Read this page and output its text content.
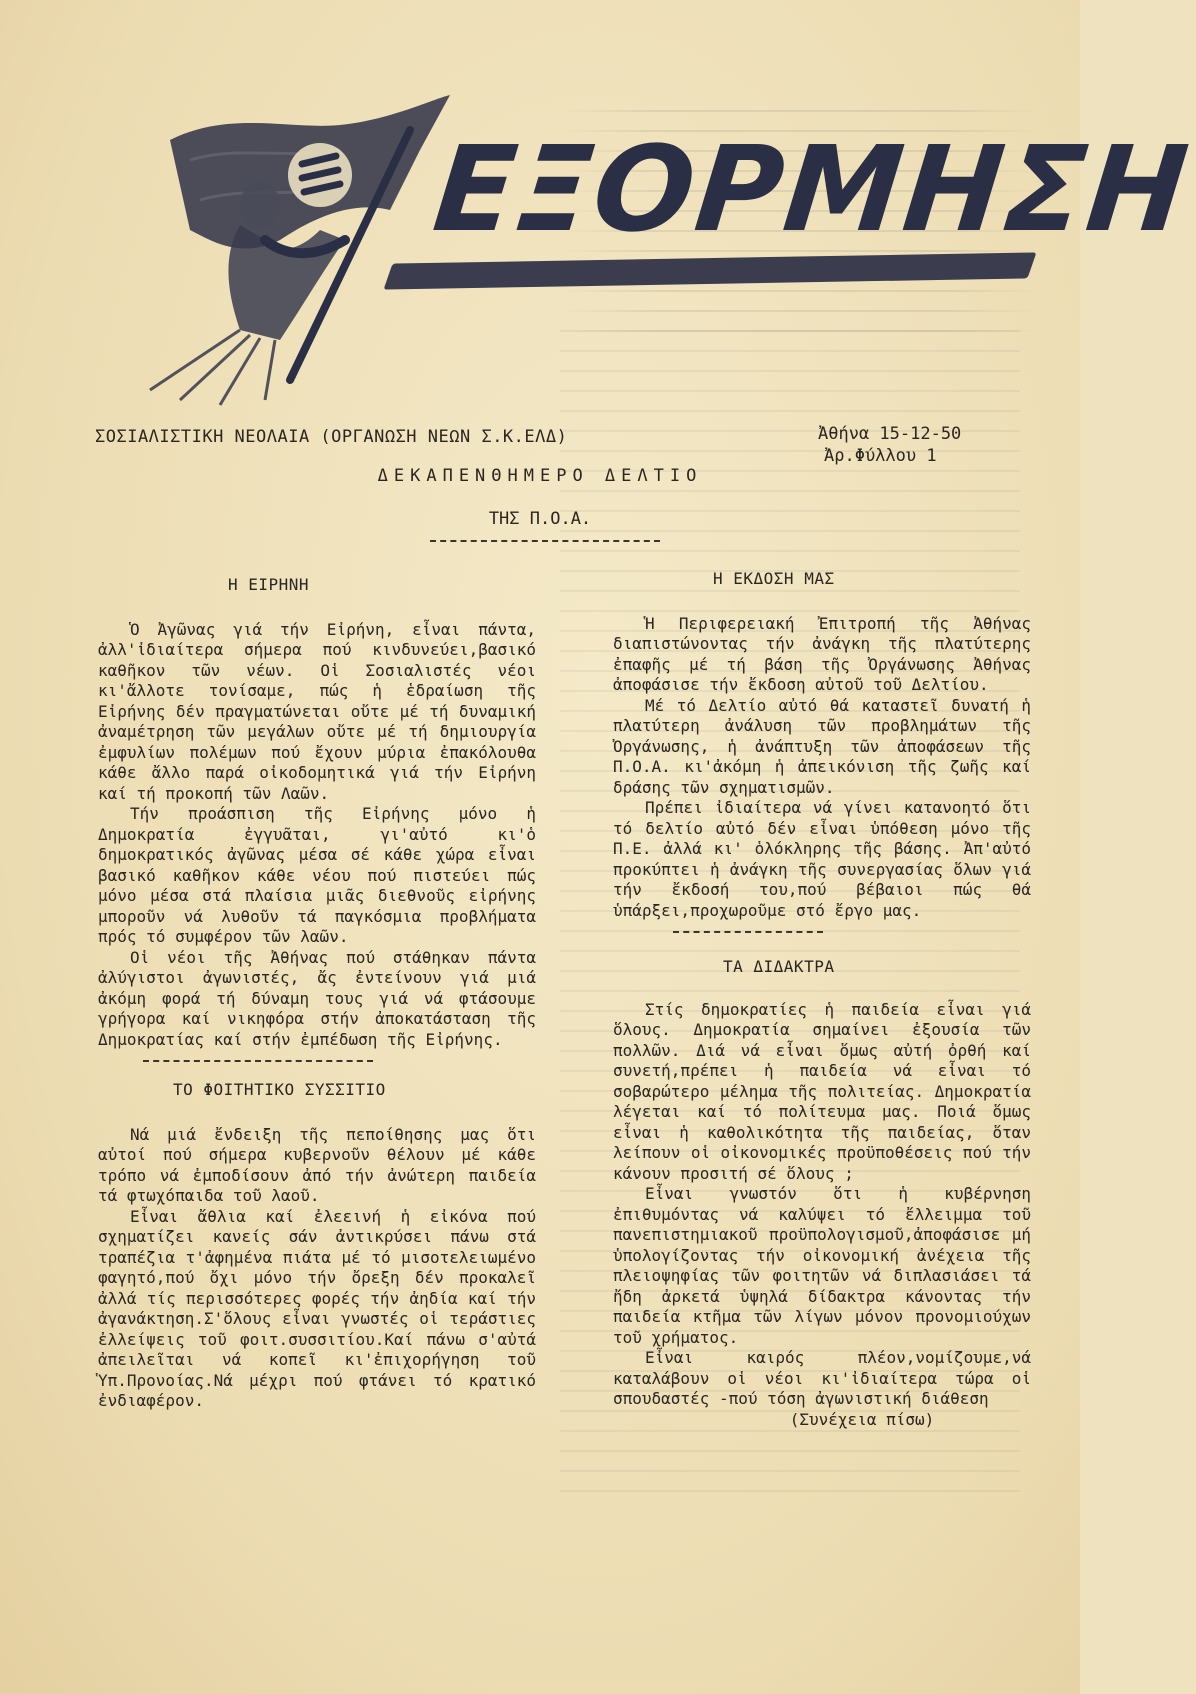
ΕΞΟΡΜΗΣΗ
ΣΟΣΙΑΛΙΣΤΙΚΗ ΝΕΟΛΑΙΑ (ΟΡΓΑΝΩΣΗ ΝΕΩΝ Σ.Κ.ΕΛΔ)	Ἀθήνα 15-12-50
Ἀρ.Φύλλου 1
ΔΕΚΑΠΕΝΘΗΜΕΡΟ ΔΕΛΤΙΟ
ΤΗΣ Π.Ο.Α.
Η ΕΙΡΗΝΗ

Ὁ Ἀγῶνας γιά τήν Εἰρήνη, εἶναι πάντα, ἀλλ'ἰδιαίτερα σήμερα πού κινδυνεύει,βασικό καθῆκον τῶν νέων. Οἱ Σοσιαλιστές νέοι κι'ἄλλοτε τονίσαμε, πώς ἡ ἑδραίωση τῆς Εἰρήνης δέν πραγματώνεται οὔτε μέ τή δυναμική ἀναμέτρηση τῶν μεγάλων οὔτε μέ τή δημιουργία ἐμφυλίων πολέμων πού ἔχουν μύρια ἐπακόλουθα κάθε ἄλλο παρά οἰκοδομητικά γιά τήν Εἰρήνη καί τή προκοπή τῶν Λαῶν.

Τήν προάσπιση τῆς Εἰρήνης μόνο ἡ Δημοκρατία ἐγγυᾶται, γι'αὐτό κι'ὁ δημοκρατικός ἀγῶνας μέσα σέ κάθε χώρα εἶναι βασικό καθῆκον κάθε νέου πού πιστεύει πώς μόνο μέσα στά πλαίσια μιᾶς διεθνοῦς εἰρήνης μποροῦν νά λυθοῦν τά παγκόσμια προβλήματα πρός τό συμφέρον τῶν λαῶν.

Οἱ νέοι τῆς Ἀθήνας πού στάθηκαν πάντα ἀλύγιστοι ἀγωνιστές, ἄς ἐντείνουν γιά μιά ἀκόμη φορά τή δύναμη τους γιά νά φτάσουμε γρήγορα καί νικηφόρα στήν ἀποκατάσταση τῆς Δημοκρατίας καί στήν ἐμπέδωση τῆς Εἰρήνης.

ΤΟ ΦΟΙΤΗΤΙΚΟ ΣΥΣΣΙΤΙΟ

Νά μιά ἔνδειξη τῆς πεποίθησης μας ὅτι αὐτοί πού σήμερα κυβερνοῦν θέλουν μέ κάθε τρόπο νά ἐμποδίσουν ἀπό τήν ἀνώτερη παιδεία τά φτωχόπαιδα τοῦ λαοῦ.

Εἶναι ἄθλια καί ἐλεεινή ἡ εἰκόνα πού σχηματίζει κανείς σάν ἀντικρύσει πάνω στά τραπέζια τ'ἀφημένα πιάτα μέ τό μισοτελειωμένο φαγητό,πού ὄχι μόνο τήν ὄρεξη δέν προκαλεῖ ἀλλά τίς περισσότερες φορές τήν ἀηδία καί τήν ἀγανάκτηση.Σ'ὅλους εἶναι γνωστές οἱ τεράστιες ἐλλείψεις τοῦ φοιτ.συσσιτίου.Καί πάνω σ'αὐτά ἀπειλεῖται νά κοπεῖ κι'ἐπιχορήγηση τοῦ Ὑπ.Προνοίας.Νά μέχρι πού φτάνει τό κρατικό ἐνδιαφέρον.

Η ΕΚΔΟΣΗ ΜΑΣ

Ἡ Περιφερειακή Ἐπιτροπή τῆς Ἀθήνας διαπιστώνοντας τήν ἀνάγκη τῆς πλατύτερης ἐπαφῆς μέ τή βάση τῆς Ὀργάνωσης Ἀθήνας ἀποφάσισε τήν ἔκδοση αὐτοῦ τοῦ Δελτίου.

Μέ τό Δελτίο αὐτό θά καταστεῖ δυνατή ἡ πλατύτερη ἀνάλυση τῶν προβλημάτων τῆς Ὀργάνωσης, ἡ ἀνάπτυξη τῶν ἀποφάσεων τῆς Π.Ο.Α. κι'ἀκόμη ἡ ἀπεικόνιση τῆς ζωῆς καί δράσης τῶν σχηματισμῶν.

Πρέπει ἰδιαίτερα νά γίνει κατανοητό ὅτι τό δελτίο αὐτό δέν εἶναι ὑπόθεση μόνο τῆς Π.Ε. ἀλλά κι' ὁλόκληρης τῆς βάσης. Ἀπ'αὐτό προκύπτει ἡ ἀνάγκη τῆς συνεργασίας ὅλων γιά τήν ἔκδοσή του,πού βέβαιοι πώς θά ὑπάρξει,προχωροῦμε στό ἔργο μας.

ΤΑ ΔΙΔΑΚΤΡΑ

Στίς δημοκρατίες ἡ παιδεία εἶναι γιά ὅλους. Δημοκρατία σημαίνει ἐξουσία τῶν πολλῶν. Διά νά εἶναι ὅμως αὐτή ὀρθή καί συνετή,πρέπει ἡ παιδεία νά εἶναι τό σοβαρώτερο μέλημα τῆς πολιτείας. Δημοκρατία λέγεται καί τό πολίτευμα μας. Ποιά ὅμως εἶναι ἡ καθολικότητα τῆς παιδείας, ὅταν λείπουν οἱ οἰκονομικές προϋποθέσεις πού τήν κάνουν προσιτή σέ ὅλους ;

Εἶναι γνωστόν ὅτι ἡ κυβέρνηση ἐπιθυμόντας νά καλύψει τό ἔλλειμμα τοῦ πανεπιστημιακοῦ προϋπολογισμοῦ,ἀποφάσισε μή ὑπολογίζοντας τήν οἰκονομική ἀνέχεια τῆς πλειοψηφίας τῶν φοιτητῶν νά διπλασιάσει τά ἤδη ἀρκετά ὑψηλά δίδακτρα κάνοντας τήν παιδεία κτῆμα τῶν λίγων μόνον προνομιούχων τοῦ χρήματος.

Εἶναι καιρός πλέον,νομίζουμε,νά καταλάβουν οἱ νέοι κι'ἰδιαίτερα τώρα οἱ σπουδαστές -πού τόση ἀγωνιστική διάθεση

(Συνέχεια πίσω)
